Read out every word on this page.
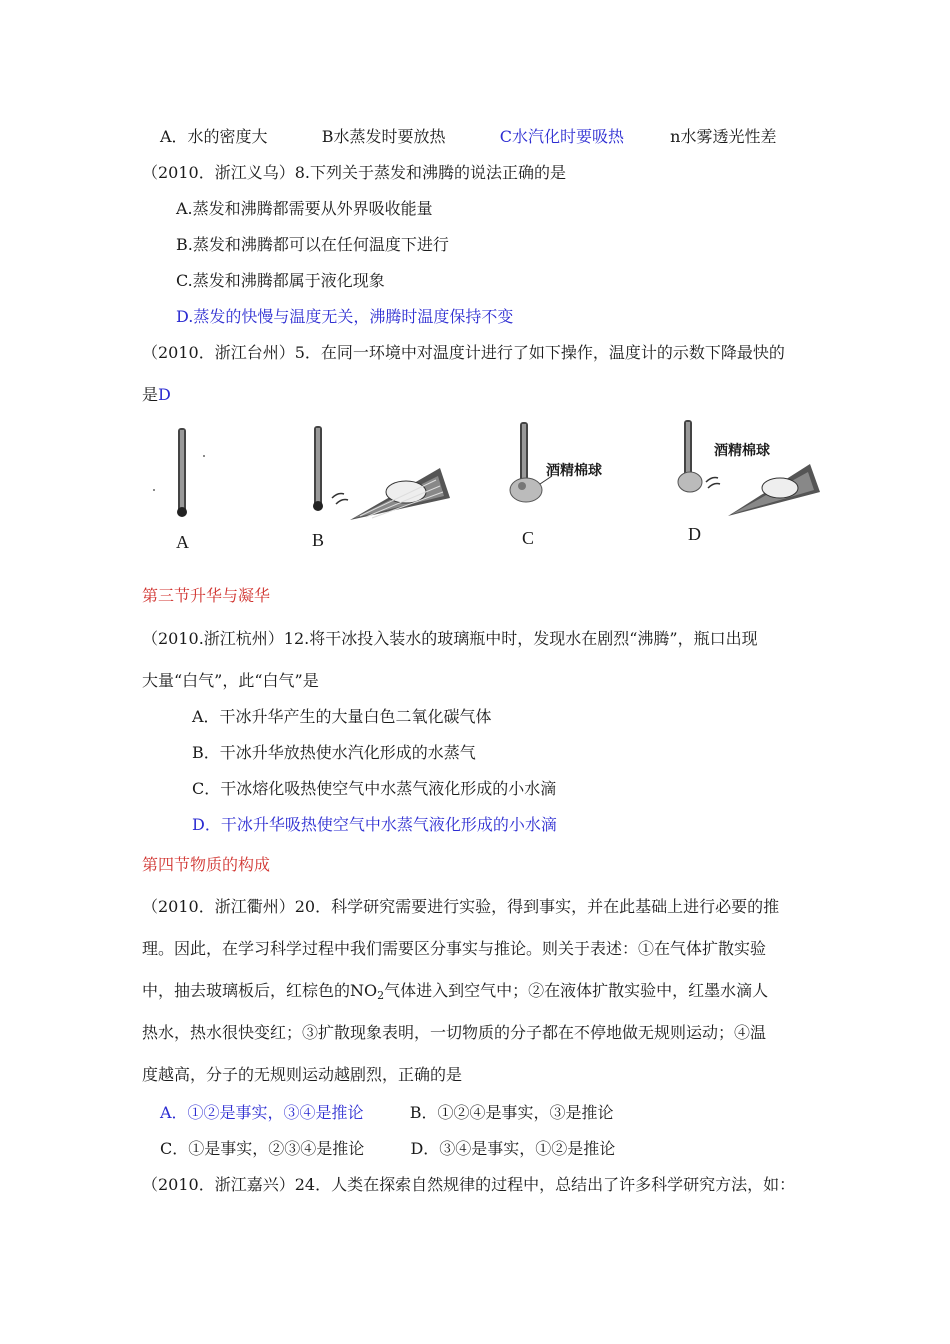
A．水的密度大	B水蒸发时要放热	C水汽化时要吸热	n水雾透光性差
（2010．浙江义乌）8.下列关于蒸发和沸腾的说法正确的是
A.蒸发和沸腾都需要从外界吸收能量
B.蒸发和沸腾都可以在任何温度下进行
C.蒸发和沸腾都属于液化现象
D.蒸发的快慢与温度无关，沸腾时温度保持不变
（2010．浙江台州）5．在同一环境中对温度计进行了如下操作，温度计的示数下降最快的
是D
A	B
酒精棉球
C
酒精棉球
D
第三节升华与凝华
（2010.浙江杭州）12.将干冰投入装水的玻璃瓶中时，发现水在剧烈“沸腾”，瓶口出现
大量“白气”，此“白气”是
A．干冰升华产生的大量白色二氧化碳气体
B．干冰升华放热使水汽化形成的水蒸气
C．干冰熔化吸热使空气中水蒸气液化形成的小水滴
D．干冰升华吸热使空气中水蒸气液化形成的小水滴
第四节物质的构成
（2010．浙江衢州）20．科学研究需要进行实验，得到事实，并在此基础上进行必要的推
理。因此，在学习科学过程中我们需要区分事实与推论。则关于表述：①在气体扩散实验
中，抽去玻璃板后，红棕色的$NO_2$气体进入到空气中；②在液体扩散实验中，红墨水滴人
热水，热水很快变红；③扩散现象表明，一切物质的分子都在不停地做无规则运动；④温
度越高，分子的无规则运动越剧烈，正确的是
A．①②是事实，③④是推论	B．①②④是事实，③是推论
C．①是事实，②③④是推论	D．③④是事实，①②是推论
（2010．浙江嘉兴）24．人类在探索自然规律的过程中，总结出了许多科学研究方法，如：
